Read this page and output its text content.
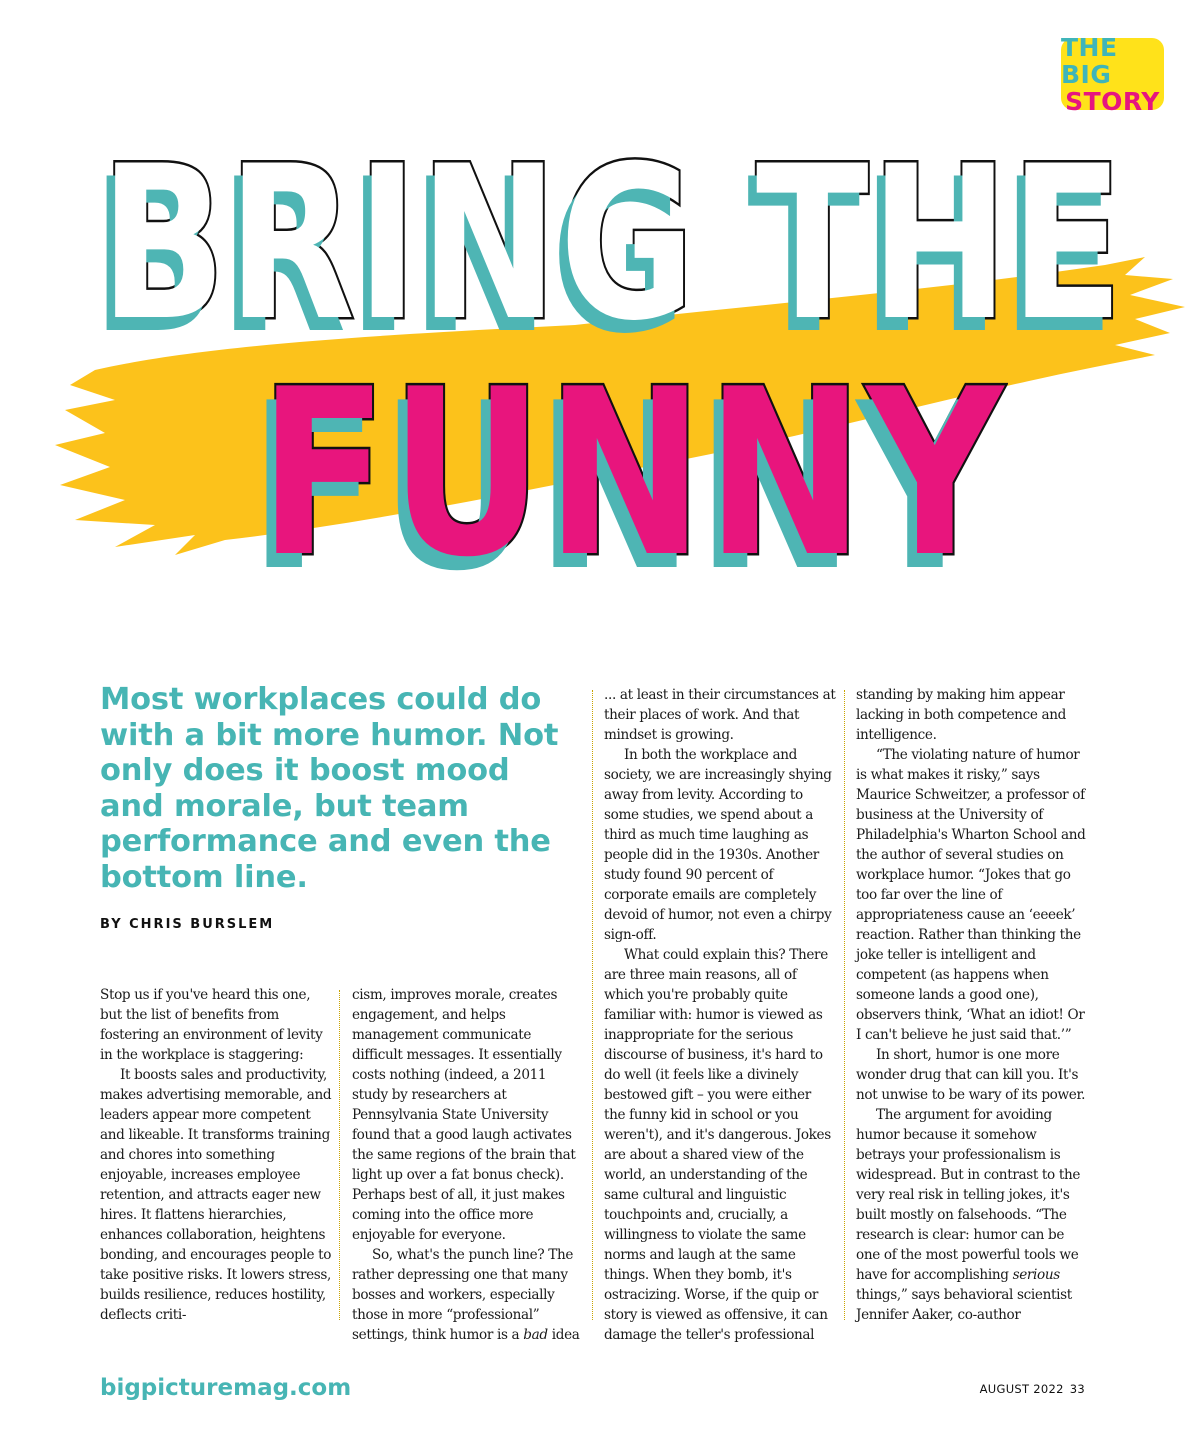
THE BIG
STORY
BRING THE
FUNNY

Most workplaces could do with a bit more humor. Not only does it boost mood and morale, but team performance and even the bottom line.

BY CHRIS BURSLEM

Stop us if you've heard this one, but the list of benefits from fostering an environment of levity in the workplace is staggering:

It boosts sales and productivity, makes advertising memorable, and leaders appear more competent and likeable. It transforms training and chores into something enjoyable, increases employee retention, and attracts eager new hires. It flattens hierarchies, enhances collaboration, heightens bonding, and encourages people to take positive risks. It lowers stress, builds resilience, reduces hostility, deflects criti-

cism, improves morale, creates engagement, and helps management communicate difficult messages. It essentially costs nothing (indeed, a 2011 study by researchers at Pennsylvania State University found that a good laugh activates the same regions of the brain that light up over a fat bonus check). Perhaps best of all, it just makes coming into the office more enjoyable for everyone.

So, what's the punch line? The rather depressing one that many bosses and workers, especially those in more “professional” settings, think humor is a bad idea

... at least in their circumstances at their places of work. And that mindset is growing.

In both the workplace and society, we are increasingly shying away from levity. According to some studies, we spend about a third as much time laughing as people did in the 1930s. Another study found 90 percent of corporate emails are completely devoid of humor, not even a chirpy sign-off.

What could explain this? There are three main reasons, all of which you're probably quite familiar with: humor is viewed as inappropriate for the serious discourse of business, it's hard to do well (it feels like a divinely bestowed gift – you were either the funny kid in school or you weren't), and it's dangerous. Jokes are about a shared view of the world, an understanding of the same cultural and linguistic touchpoints and, crucially, a willingness to violate the same norms and laugh at the same things. When they bomb, it's ostracizing. Worse, if the quip or story is viewed as offensive, it can damage the teller's professional

standing by making him appear lacking in both competence and intelligence.

“The violating nature of humor is what makes it risky,” says Maurice Schweitzer, a professor of business at the University of Philadelphia's Wharton School and the author of several studies on workplace humor. “Jokes that go too far over the line of appropriateness cause an ‘eeeek’ reaction. Rather than thinking the joke teller is intelligent and competent (as happens when someone lands a good one), observers think, ‘What an idiot! Or I can't believe he just said that.’”

In short, humor is one more wonder drug that can kill you. It's not unwise to be wary of its power.

The argument for avoiding humor because it somehow betrays your professionalism is widespread. But in contrast to the very real risk in telling jokes, it's built mostly on falsehoods. “The research is clear: humor can be one of the most powerful tools we have for accomplishing serious things,” says behavioral scientist Jennifer Aaker, co-author

bigpicturemag.com	AUGUST 2022 33
